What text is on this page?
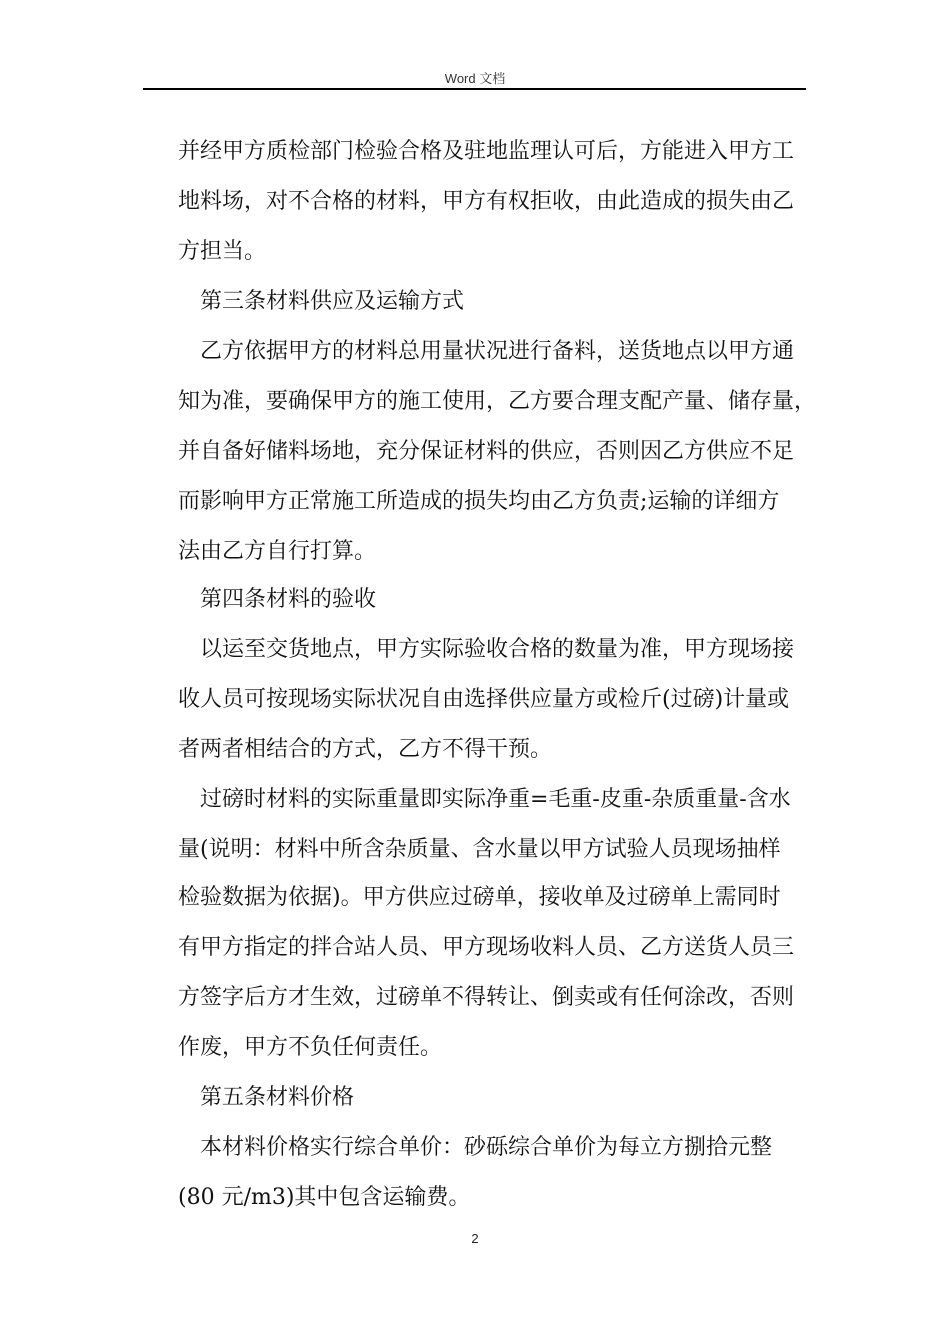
Word 文档
并经甲方质检部门检验合格及驻地监理认可后，方能进入甲方工
地料场，对不合格的材料，甲方有权拒收，由此造成的损失由乙
方担当。
第三条材料供应及运输方式
乙方依据甲方的材料总用量状况进行备料，送货地点以甲方通
知为准，要确保甲方的施工使用，乙方要合理支配产量、储存量，
并自备好储料场地，充分保证材料的供应，否则因乙方供应不足
而影响甲方正常施工所造成的损失均由乙方负责;运输的详细方
法由乙方自行打算。
第四条材料的验收
以运至交货地点，甲方实际验收合格的数量为准，甲方现场接
收人员可按现场实际状况自由选择供应量方或检斤(过磅)计量或
者两者相结合的方式，乙方不得干预。
过磅时材料的实际重量即实际净重=毛重-皮重-杂质重量-含水
量(说明：材料中所含杂质量、含水量以甲方试验人员现场抽样
检验数据为依据)。甲方供应过磅单，接收单及过磅单上需同时
有甲方指定的拌合站人员、甲方现场收料人员、乙方送货人员三
方签字后方才生效，过磅单不得转让、倒卖或有任何涂改，否则
作废，甲方不负任何责任。
第五条材料价格
本材料价格实行综合单价：砂砾综合单价为每立方捌拾元整
(80 元/m3)其中包含运输费。
2
